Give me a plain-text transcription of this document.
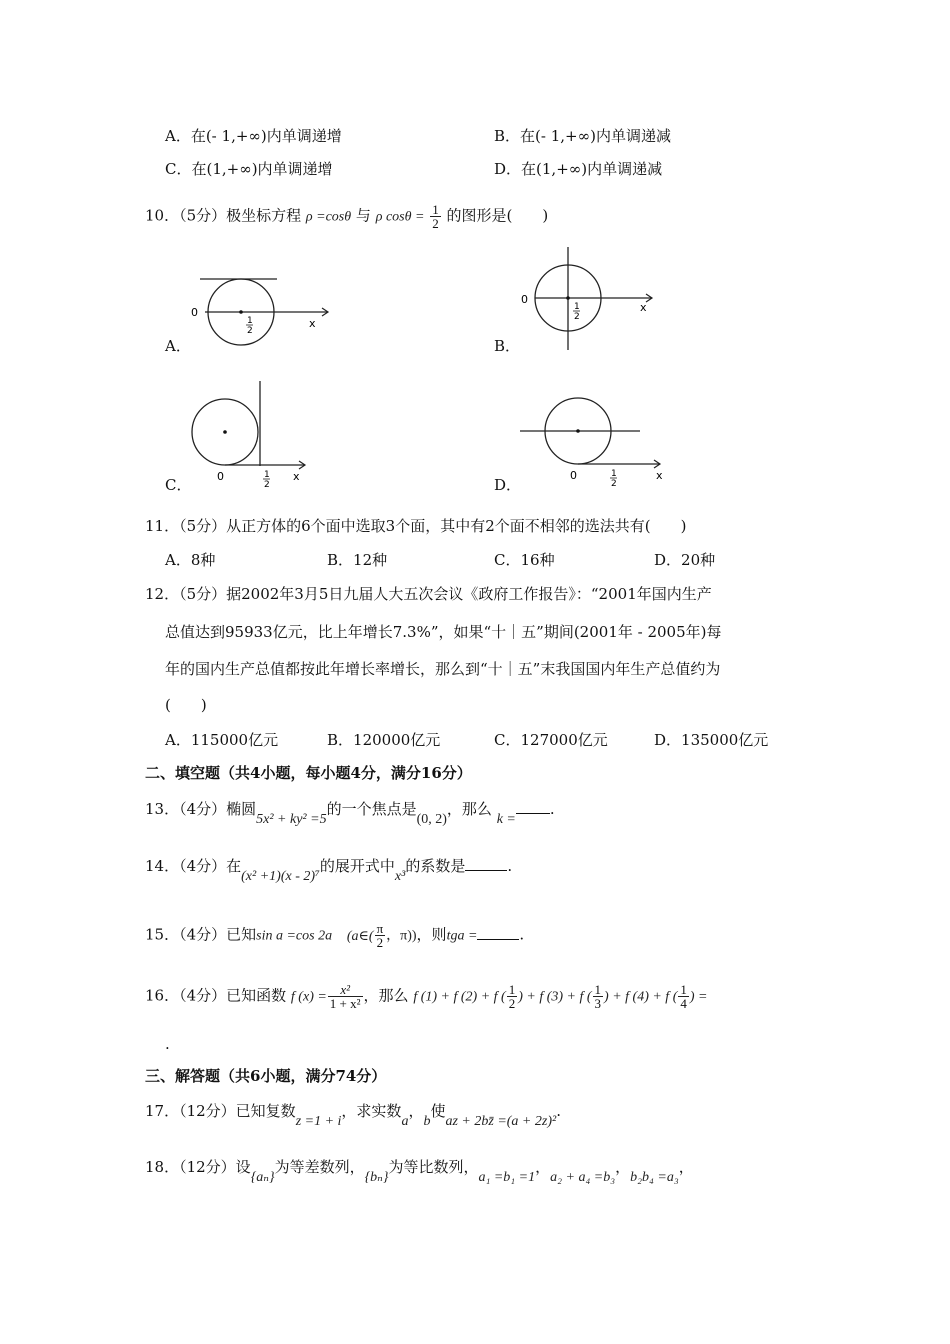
A．在(- 1,+∞)内单调递增	B．在(- 1,+∞)内单调递减
C．在(1,+∞)内单调递增	D．在(1,+∞)内单调递减
10．（5分）极坐标方程 ρ =cosθ 与 ρ $\cos\theta = \frac{1}{2}$ 的图形是(　　)
0
x
1
2
A．
0
x
1
2
B．
0	x
1
2
C．
0	x
1
2
D．
11．（5分）从正方体的6个面中选取3个面，其中有2个面不相邻的选法共有(　　)
A．8种	B．12种	C．16种	D．20种
12．（5分）据2002年3月5日九届人大五次会议《政府工作报告》：“2001年国内生产
总值达到95933亿元，比上年增长7.3%”，如果“十｜五”期间(2001年 - 2005年)每
年的国内生产总值都按此年增长率增长，那么到“十｜五”末我国国内年生产总值约为
(　　)
A．115000亿元	B．120000亿元	C．127000亿元	D．135000亿元
二、填空题（共4小题，每小题4分，满分16分）
13．（4分）椭圆5x² + ky² =5的一个焦点是(0, 2)，那么 k =.
14．（4分）在(x² +1)(x - 2)⁷的展开式中x³的系数是	.
15．（4分）已知sin a =cos 2a (a∈( $\frac{\pi}{2}$ ，π))，则tga =	.
16．（4分）已知函数 f $(x) = \frac{\text{x²}}{\text{1 + x²}}$ ，那么 f (1) + f (2) + f ( $\frac{1}{2}$ ) + f (3) + f ( $\frac{1}{3}$ ) + f (4) + f ( $\frac{1}{4}$ ) =
.
三、解答题（共6小题，满分74分）
17．（12分）已知复数z =1 + i，求实数a，b使az + 2bz̄ =(a + 2z)².
18．（12分）设{aₙ}为等差数列，{bₙ}为等比数列，a₁ =b₁ =1，a₂ + a₄ =b₃，b₂b₄ =a₃，
